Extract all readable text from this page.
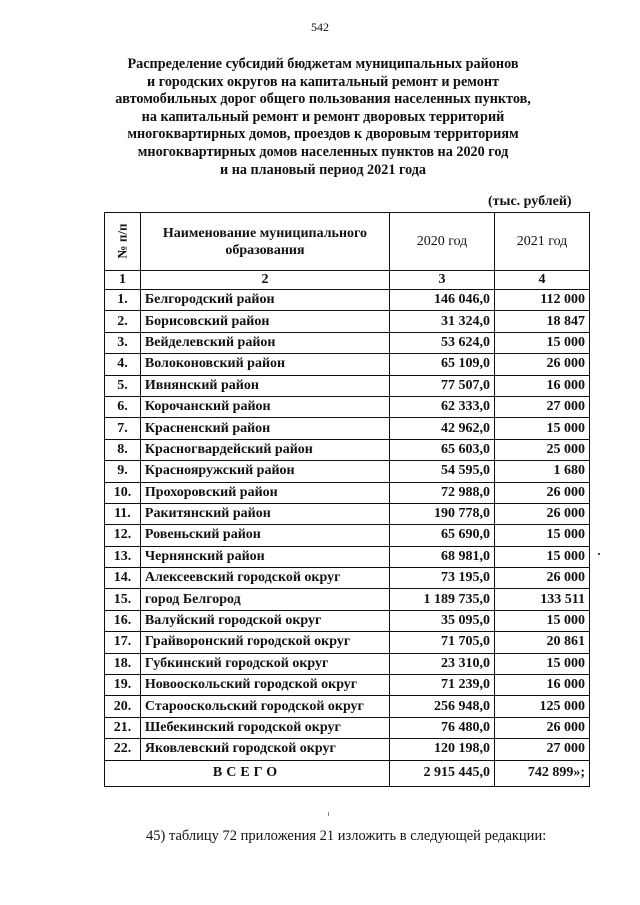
542
Распределение субсидий бюджетам муниципальных районов
и городских округов на капитальный ремонт и ремонт
автомобильных дорог общего пользования населенных пунктов,
на капитальный ремонт и ремонт дворовых территорий
многоквартирных домов, проездов к дворовым территориям
многоквартирных домов населенных пунктов на 2020 год
и на плановый период 2021 года
(тыс. рублей)
№ п/п	Наименование муниципального образования	2020 год	2021 год
1	2	3	4
1.	Белгородский район	146 046,0	112 000
2.	Борисовский район	31 324,0	18 847
3.	Вейделевский район	53 624,0	15 000
4.	Волоконовский район	65 109,0	26 000
5.	Ивнянский район	77 507,0	16 000
6.	Корочанский район	62 333,0	27 000
7.	Красненский район	42 962,0	15 000
8.	Красногвардейский район	65 603,0	25 000
9.	Краснояружский район	54 595,0	1 680
10.	Прохоровский район	72 988,0	26 000
11.	Ракитянский район	190 778,0	26 000
12.	Ровеньский район	65 690,0	15 000
13.	Чернянский район	68 981,0	15 000
14.	Алексеевский городской округ	73 195,0	26 000
15.	город Белгород	1 189 735,0	133 511
16.	Валуйский городской округ	35 095,0	15 000
17.	Грайворонский городской округ	71 705,0	20 861
18.	Губкинский городской округ	23 310,0	15 000
19.	Новооскольский городской округ	71 239,0	16 000
20.	Старооскольский городской округ	256 948,0	125 000
21.	Шебекинский городской округ	76 480,0	26 000
22.	Яковлевский городской округ	120 198,0	27 000
ВСЕГО		2 915 445,0	742 899»;
45) таблицу 72 приложения 21 изложить в следующей редакции:
